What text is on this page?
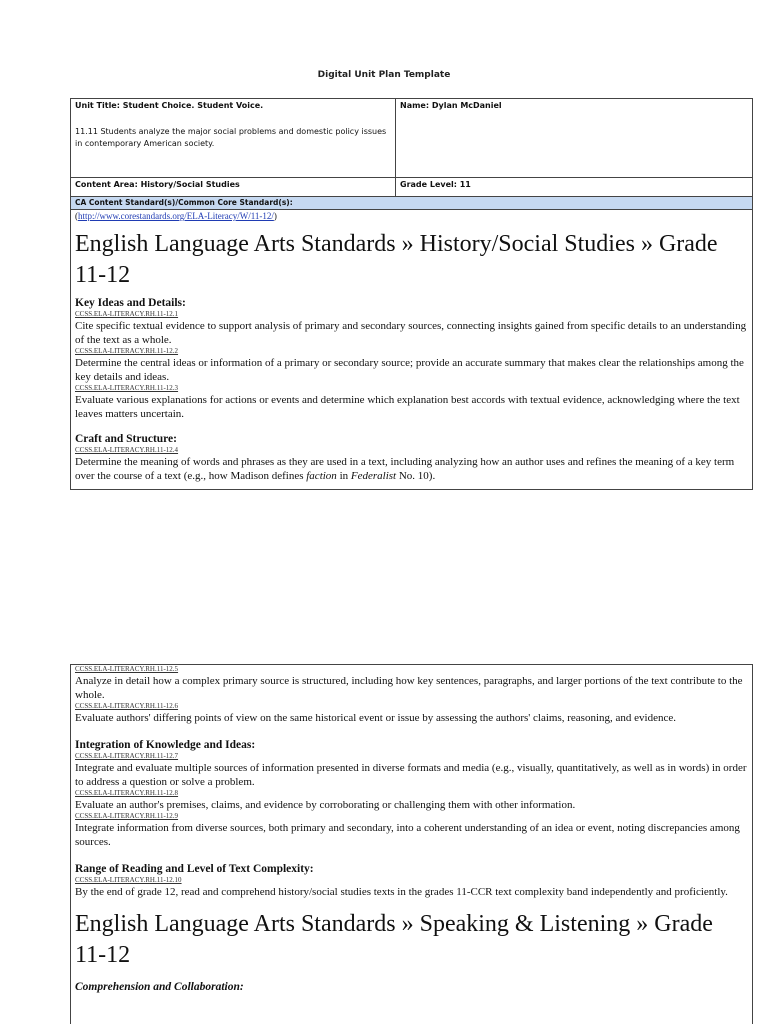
Digital Unit Plan Template
Unit Title: Student Choice. Student Voice.
11.11 Students analyze the major social problems and domestic policy issues in contemporary American society.
Name: Dylan McDaniel
Content Area: History/Social Studies	Grade Level: 11
CA Content Standard(s)/Common Core Standard(s):
(http://www.corestandards.org/ELA-Literacy/W/11-12/)
English Language Arts Standards » History/Social Studies » Grade 11-12
Key Ideas and Details:
CCSS.ELA-LITERACY.RH.11-12.1
Cite specific textual evidence to support analysis of primary and secondary sources, connecting insights gained from specific details to an understanding of the text as a whole.
CCSS.ELA-LITERACY.RH.11-12.2
Determine the central ideas or information of a primary or secondary source; provide an accurate summary that makes clear the relationships among the key details and ideas.
CCSS.ELA-LITERACY.RH.11-12.3
Evaluate various explanations for actions or events and determine which explanation best accords with textual evidence, acknowledging where the text leaves matters uncertain.
Craft and Structure:
CCSS.ELA-LITERACY.RH.11-12.4
Determine the meaning of words and phrases as they are used in a text, including analyzing how an author uses and refines the meaning of a key term over the course of a text (e.g., how Madison defines faction in Federalist No. 10).
CCSS.ELA-LITERACY.RH.11-12.5
Analyze in detail how a complex primary source is structured, including how key sentences, paragraphs, and larger portions of the text contribute to the whole.
CCSS.ELA-LITERACY.RH.11-12.6
Evaluate authors' differing points of view on the same historical event or issue by assessing the authors' claims, reasoning, and evidence.
Integration of Knowledge and Ideas:
CCSS.ELA-LITERACY.RH.11-12.7
Integrate and evaluate multiple sources of information presented in diverse formats and media (e.g., visually, quantitatively, as well as in words) in order to address a question or solve a problem.
CCSS.ELA-LITERACY.RH.11-12.8
Evaluate an author's premises, claims, and evidence by corroborating or challenging them with other information.
CCSS.ELA-LITERACY.RH.11-12.9
Integrate information from diverse sources, both primary and secondary, into a coherent understanding of an idea or event, noting discrepancies among sources.
Range of Reading and Level of Text Complexity:
CCSS.ELA-LITERACY.RH.11-12.10
By the end of grade 12, read and comprehend history/social studies texts in the grades 11-CCR text complexity band independently and proficiently.
English Language Arts Standards » Speaking & Listening » Grade 11-12
Comprehension and Collaboration:
